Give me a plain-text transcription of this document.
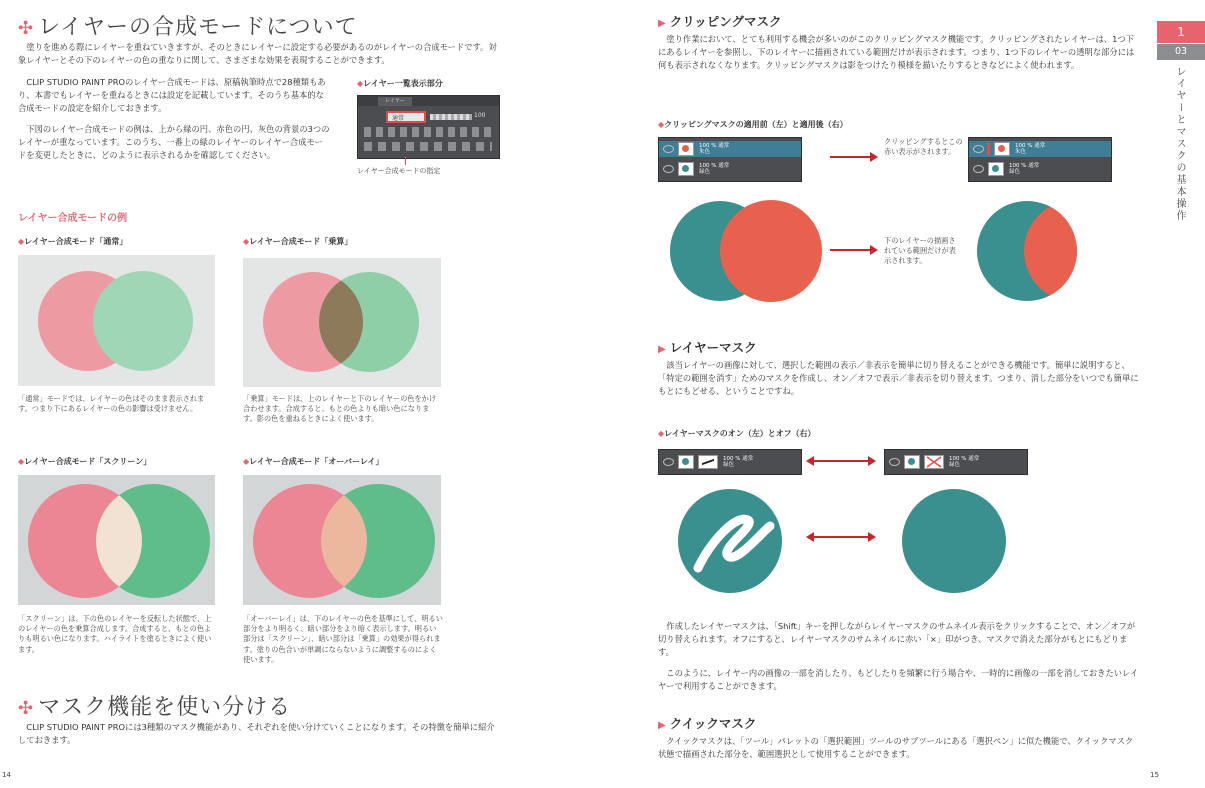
✣ レイヤーの合成モードについて
塗りを進める際にレイヤーを重ねていきますが、そのときにレイヤーに設定する必要があるのがレイヤーの合成モードです。対象レイヤーとその下のレイヤーの色の重なりに関して、さまざまな効果を表現することができます。
CLIP STUDIO PAINT PROのレイヤー合成モードは、原稿執筆時点で28種類もあり、本書でもレイヤーを重ねるときには設定を記載しています。そのうち基本的な合成モードの設定を紹介しておきます。
下図のレイヤー合成モードの例は、上から緑の円、赤色の円、灰色の背景の3つのレイヤーが重なっています。このうち、一番上の緑のレイヤーのレイヤー合成モードを変更したときに、どのように表示されるかを確認してください。
◆レイヤー一覧表示部分
レイヤー
通常	100
レイヤー合成モードの指定
レイヤー合成モードの例
◆レイヤー合成モード「通常」
「通常」モードでは、レイヤーの色はそのまま表示されます。つまり下にあるレイヤーの色の影響は受けません。
◆レイヤー合成モード「乗算」
「乗算」モードは、上のレイヤーと下のレイヤーの色をかけ合わせます。合成すると、もとの色よりも暗い色になります。影の色を重ねるときによく使います。
◆レイヤー合成モード「スクリーン」
「スクリーン」は、下の色のレイヤーを反転した状態で、上のレイヤーの色を乗算合成します。合成すると、もとの色よりも明るい色になります。ハイライトを塗るときによく使います。
◆レイヤー合成モード「オーバーレイ」
「オーバーレイ」は、下のレイヤーの色を基準にして、明るい部分をより明るく、暗い部分をより暗く表示します。明るい部分は「スクリーン」、暗い部分は「乗算」の効果が得られます。塗りの色合いが単調にならないように調整するのによく使います。
✣ マスク機能を使い分ける
CLIP STUDIO PAINT PROには3種類のマスク機能があり、それぞれを使い分けていくことになります。その特徴を簡単に紹介しておきます。
14
▶ クリッピングマスク
塗り作業において、とても利用する機会が多いのがこのクリッピングマスク機能です。クリッピングされたレイヤーは、1つ下にあるレイヤーを参照し、下のレイヤーに描画されている範囲だけが表示されます。つまり、1つ下のレイヤーの透明な部分には何も表示されなくなります。クリッピングマスクは影をつけたり模様を描いたりするときなどによく使われます。
◆クリッピングマスクの適用前（左）と適用後（右）
100 % 通常
朱色
100 % 通常
緑色
クリッピングするとこの赤い表示がされます。
100 % 通常
朱色
100 % 通常
緑色
下のレイヤーの描画されている範囲だけが表示されます。
▶ レイヤーマスク
該当レイヤーの画像に対して、選択した範囲の表示／非表示を簡単に切り替えることができる機能です。簡単に説明すると、「特定の範囲を消す」ためのマスクを作成し、オン／オフで表示／非表示を切り替えます。つまり、消した部分をいつでも簡単にもとにもどせる、ということですね。
◆レイヤーマスクのオン（左）とオフ（右）
100 % 通常
緑色
100 % 通常
緑色
作成したレイヤーマスクは、「Shift」キーを押しながらレイヤーマスクのサムネイル表示をクリックすることで、オン／オフが切り替えられます。オフにすると、レイヤーマスクのサムネイルに赤い「×」印がつき、マスクで消えた部分がもとにもどります。
このように、レイヤー内の画像の一部を消したり、もどしたりを頻繁に行う場合や、一時的に画像の一部を消しておきたいレイヤーで利用することができます。
▶ クイックマスク
クイックマスクは、「ツール」パレットの「選択範囲」ツールのサブツールにある「選択ペン」に似た機能で、クイックマスク状態で描画された部分を、範囲選択として使用することができます。
1
03
レイヤーとマスクの基本操作
15
